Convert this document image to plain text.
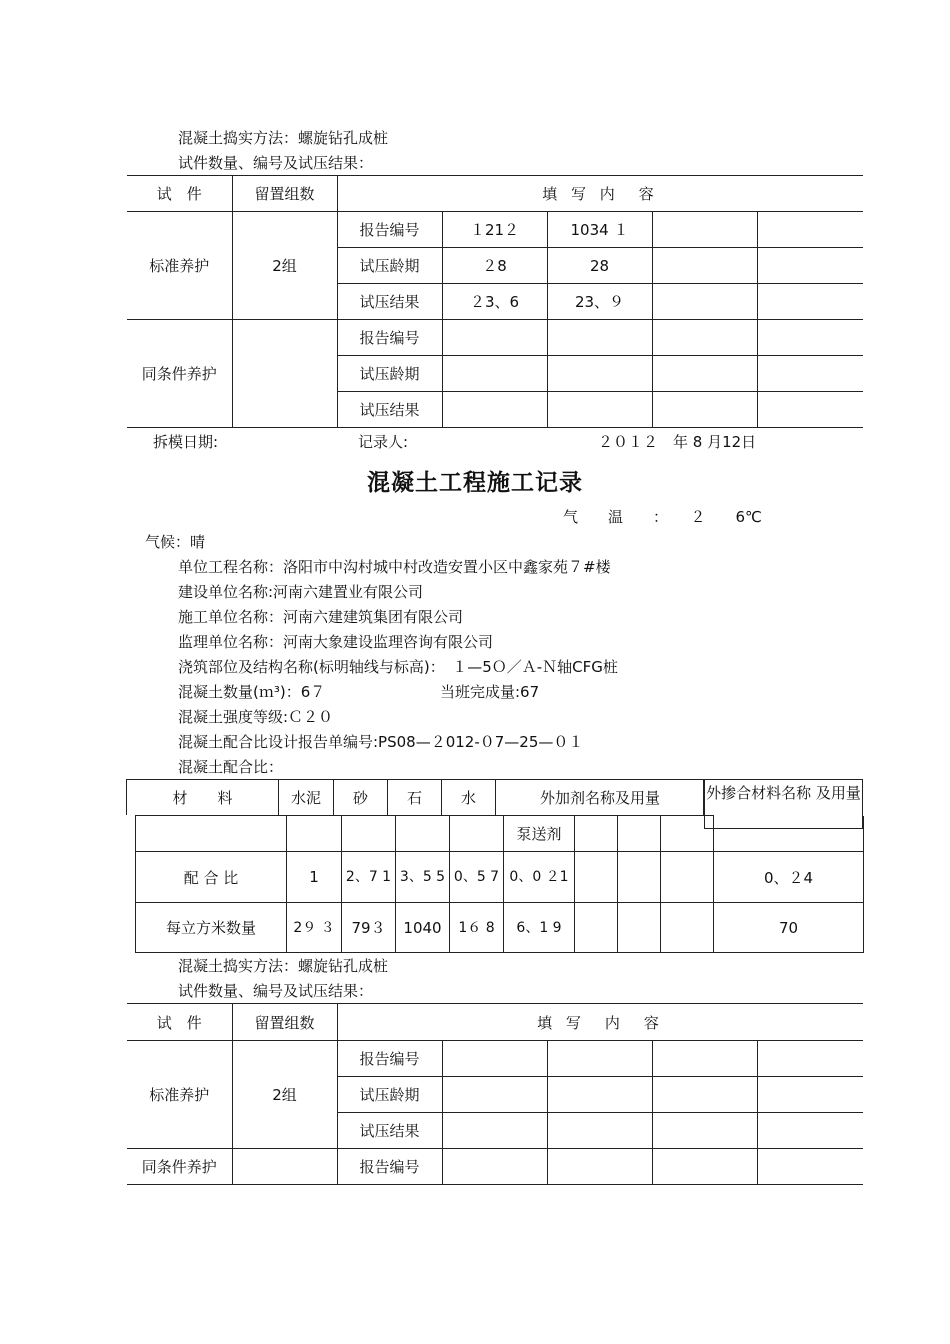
混凝土捣实方法：螺旋钻孔成桩
试件数量、编号及试压结果：
试　件	留置组数	填 写 内　容				
标准养护	2组	报告编号	１21２	1034 １		
		试压龄期	２8	28		
		试压结果	２3、6	23、９		
同条件养护		报告编号				
		试压龄期				
		试压结果				
拆模日期:	记录人:	２０１２　年 8 月12日
混凝土工程施工记录
气　　温　　：　　２　　6℃
气候：晴
单位工程名称：洛阳市中沟村城中村改造安置小区中鑫家苑７#楼
建设单位名称:河南六建置业有限公司
施工单位名称：河南六建建筑集团有限公司
监理单位名称：河南大象建设监理咨询有限公司
浇筑部位及结构名称(标明轴线与标高)：　１—5Ｏ／Ａ-Ｎ轴CFG桩
混凝土数量(ｍ³)：6７	当班完成量:67
混凝土强度等级:Ｃ２０
混凝土配合比设计报告单编号:PS08—２012-０7—25—０１
混凝土配合比：
材　　料	水泥	砂	石	水	外加剂名称及用量	外掺合材料名称 及用量
					泵送剂				
配 合 比	1	2、7 1	3、5 5	0、5 7	0、0 ２1				0、２4
每立方米数量	2９ ３	79３	1040	1６ 8	6、1 9				70
混凝土捣实方法：螺旋钻孔成桩
试件数量、编号及试压结果：
试　件	留置组数	填 写　内　容				
标准养护	2组	报告编号				
		试压龄期				
		试压结果				
同条件养护		报告编号				
